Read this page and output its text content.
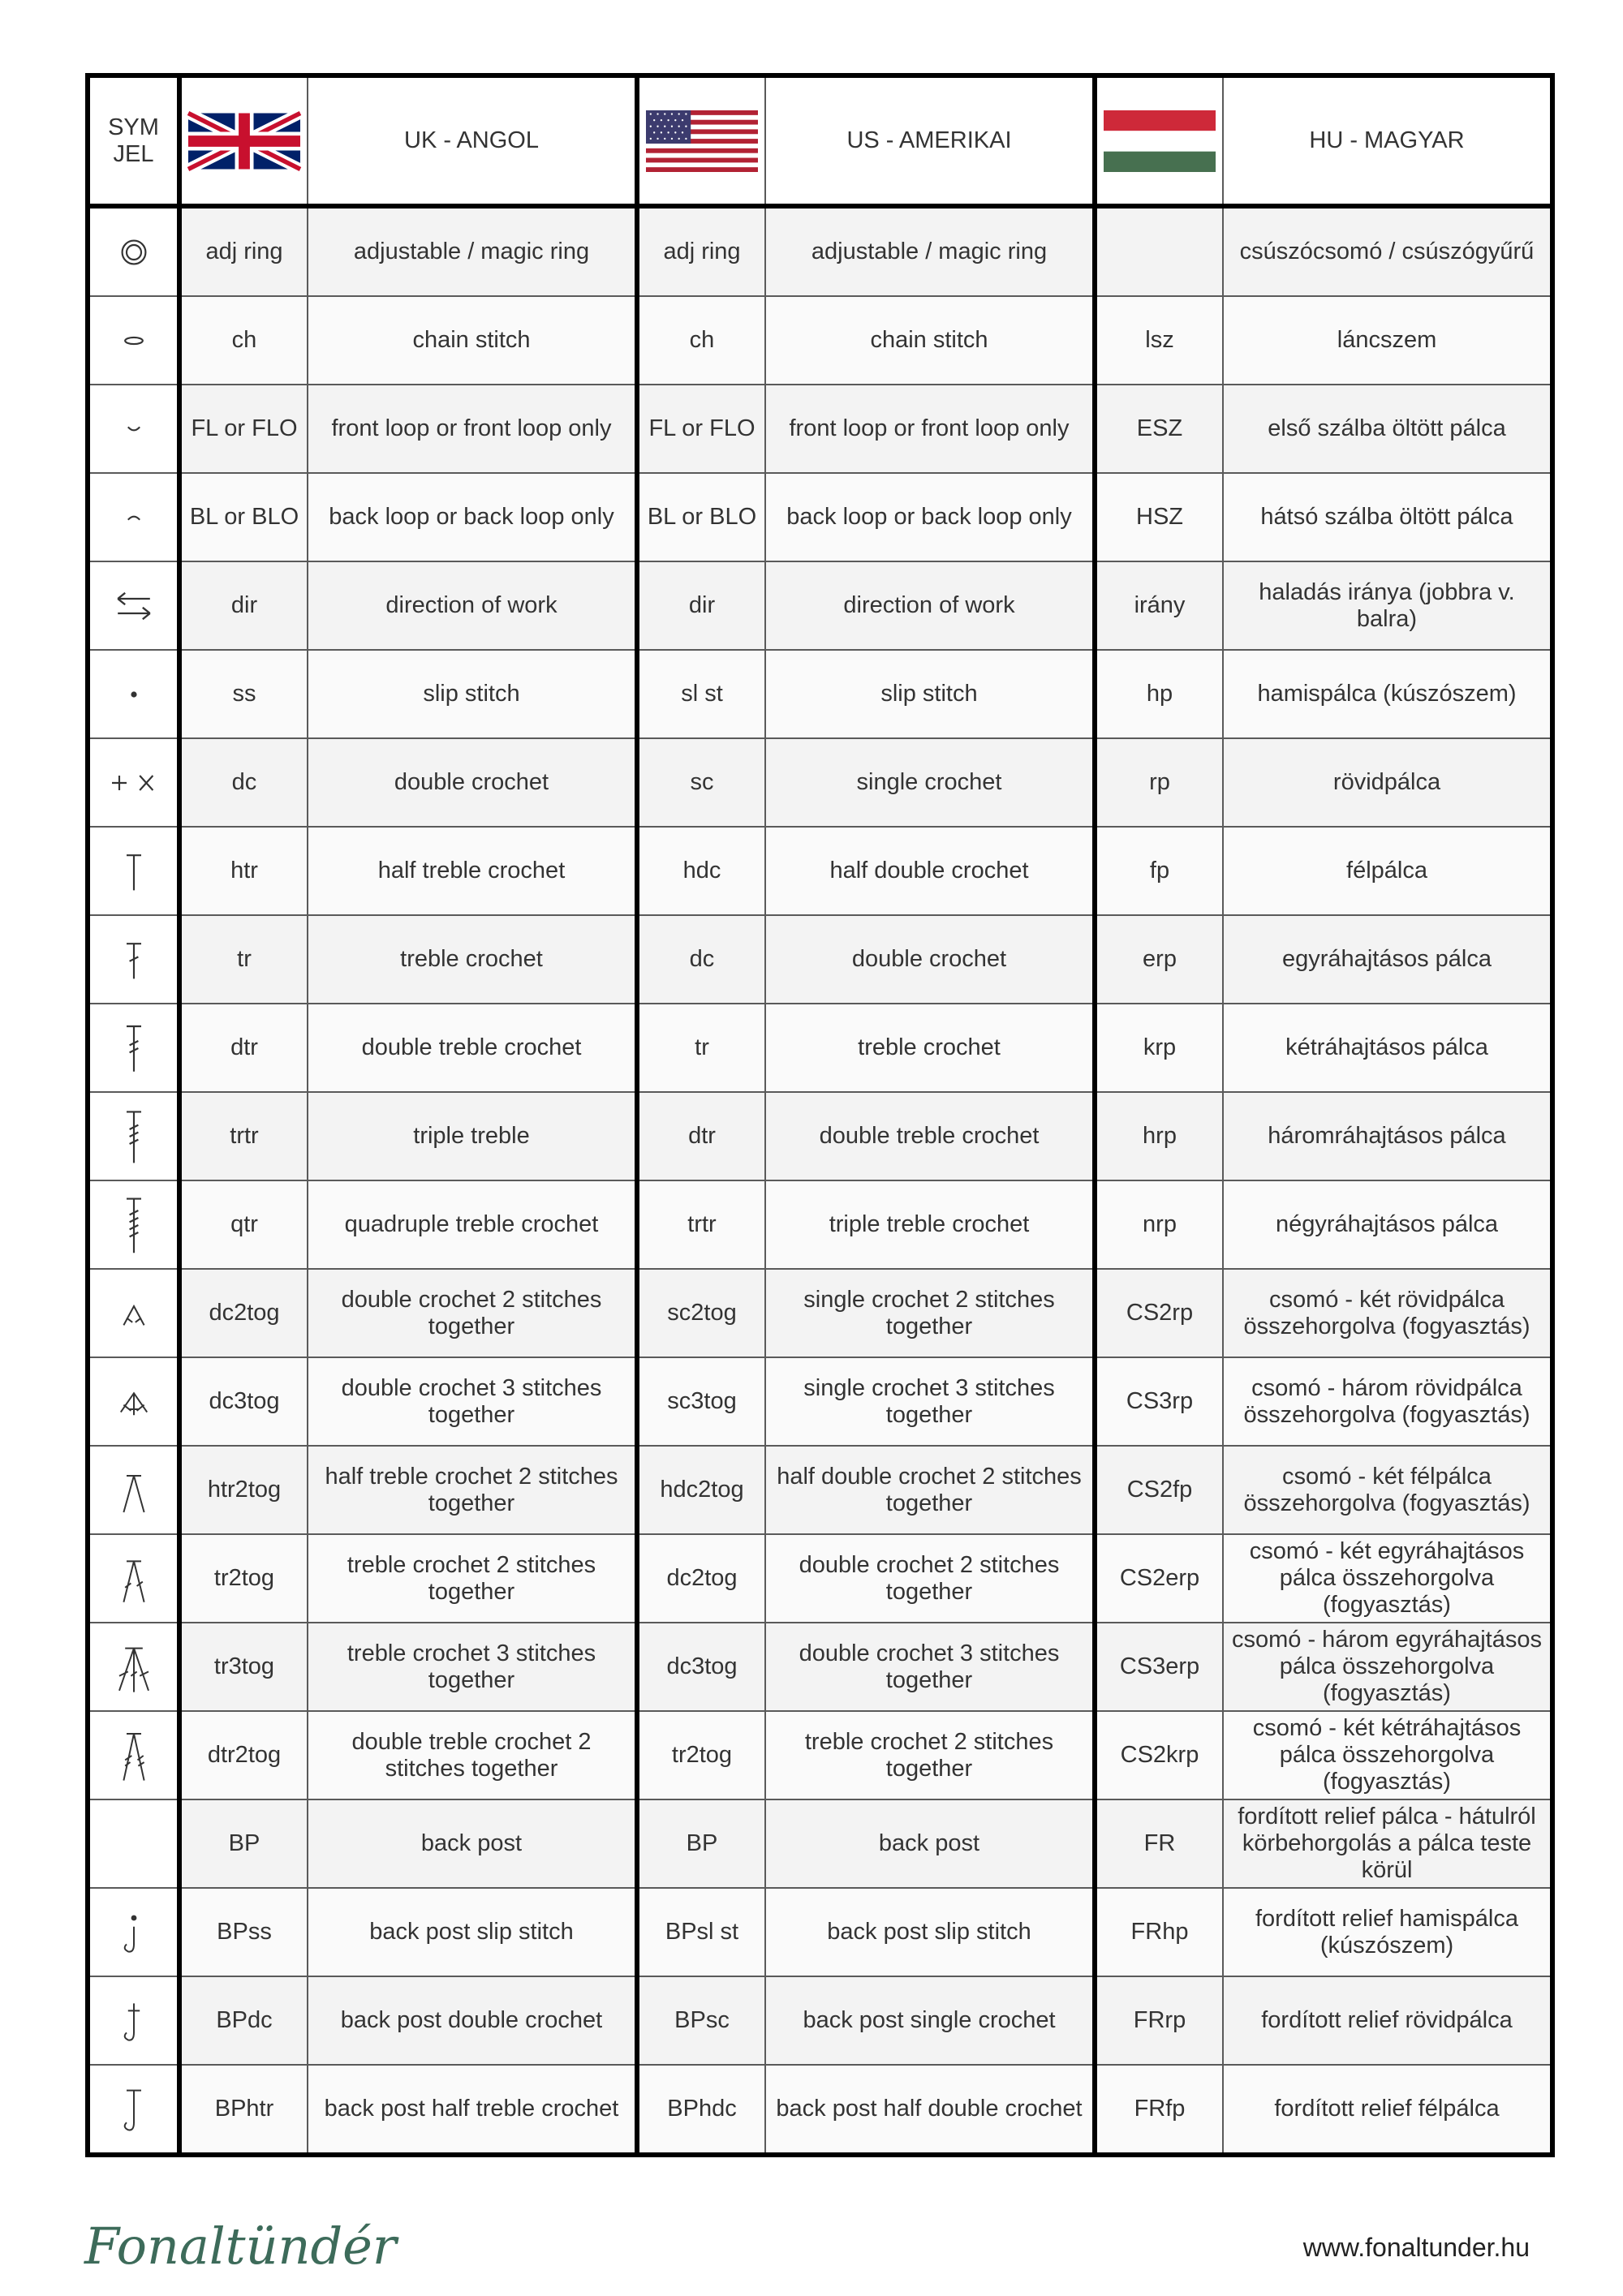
SYM
JEL		UK - ANGOL		US - AMERIKAI		HU - MAGYAR

	adj ring	adjustable / magic ring	adj ring	adjustable / magic ring		csúszócsomó / csúszógyűrű

	ch	chain stitch	ch	chain stitch	lsz	láncszem

	FL or FLO	front loop or front loop only	FL or FLO	front loop or front loop only	ESZ	első szálba öltött pálca

	BL or BLO	back loop or back loop only	BL or BLO	back loop or back loop only	HSZ	hátsó szálba öltött pálca

	dir	direction of work	dir	direction of work	irány	haladás iránya (jobbra v. balra)

	ss	slip stitch	sl st	slip stitch	hp	hamispálca (kúszószem)

	dc	double crochet	sc	single crochet	rp	rövidpálca

	htr	half treble crochet	hdc	half double crochet	fp	félpálca

	tr	treble crochet	dc	double crochet	erp	egyráhajtásos pálca

	dtr	double treble crochet	tr	treble crochet	krp	kétráhajtásos pálca

	trtr	triple treble	dtr	double treble crochet	hrp	háromráhajtásos pálca

	qtr	quadruple treble crochet	trtr	triple treble crochet	nrp	négyráhajtásos pálca

	dc2tog	double crochet 2 stitches together	sc2tog	single crochet 2 stitches together	CS2rp	csomó - két rövidpálca összehorgolva (fogyasztás)

	dc3tog	double crochet 3 stitches together	sc3tog	single crochet 3 stitches together	CS3rp	csomó - három rövidpálca összehorgolva (fogyasztás)

	htr2tog	half treble crochet 2 stitches together	hdc2tog	half double crochet 2 stitches together	CS2fp	csomó - két félpálca összehorgolva (fogyasztás)

	tr2tog	treble crochet 2 stitches together	dc2tog	double crochet 2 stitches together	CS2erp	csomó - két egyráhajtásos pálca összehorgolva (fogyasztás)

	tr3tog	treble crochet 3 stitches together	dc3tog	double crochet 3 stitches together	CS3erp	csomó - három egyráhajtásos pálca összehorgolva (fogyasztás)

	dtr2tog	double treble crochet 2 stitches together	tr2tog	treble crochet 2 stitches together	CS2krp	csomó - két kétráhajtásos pálca összehorgolva (fogyasztás)
	BP	back post	BP	back post	FR	fordított relief pálca - hátulról körbehorgolás a pálca teste körül

	BPss	back post slip stitch	BPsl st	back post slip stitch	FRhp	fordított relief hamispálca (kúszószem)

	BPdc	back post double crochet	BPsc	back post single crochet	FRrp	fordított relief rövidpálca

	BPhtr	back post half treble crochet	BPhdc	back post half double crochet	FRfp	fordított relief félpálca
Fonaltündér	www.fonaltunder.hu
